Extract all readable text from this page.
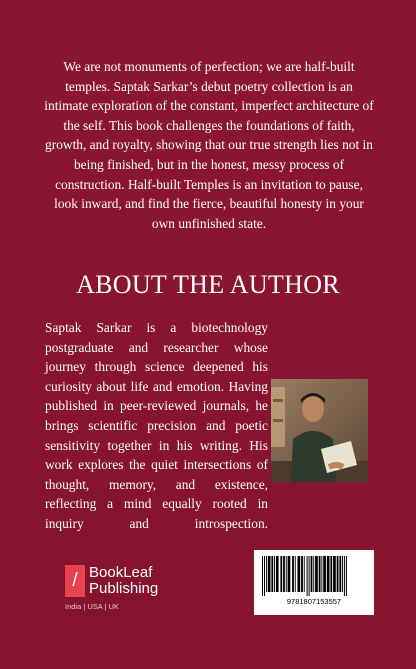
We are not monuments of perfection; we are half-built temples. Saptak Sarkar’s debut poetry collection is an intimate exploration of the constant, imperfect architecture of the self. This book challenges the foundations of faith, growth, and royalty, showing that our true strength lies not in being finished, but in the honest, messy process of construction. Half-built Temples is an invitation to pause, look inward, and find the fierce, beautiful honesty in your own unfinished state.
ABOUT THE AUTHOR
Saptak Sarkar is a biotechnology postgraduate and researcher whose journey through science deepened his curiosity about life and emotion. Having published in peer-reviewed journals, he brings scientific precision and poetic sensitivity together in his writing. His work explores the quiet intersections of thought, memory, and existence, reflecting a mind equally rooted in inquiry and introspection.
/ BookLeaf
Publishing
India | USA | UK
9781807153557
